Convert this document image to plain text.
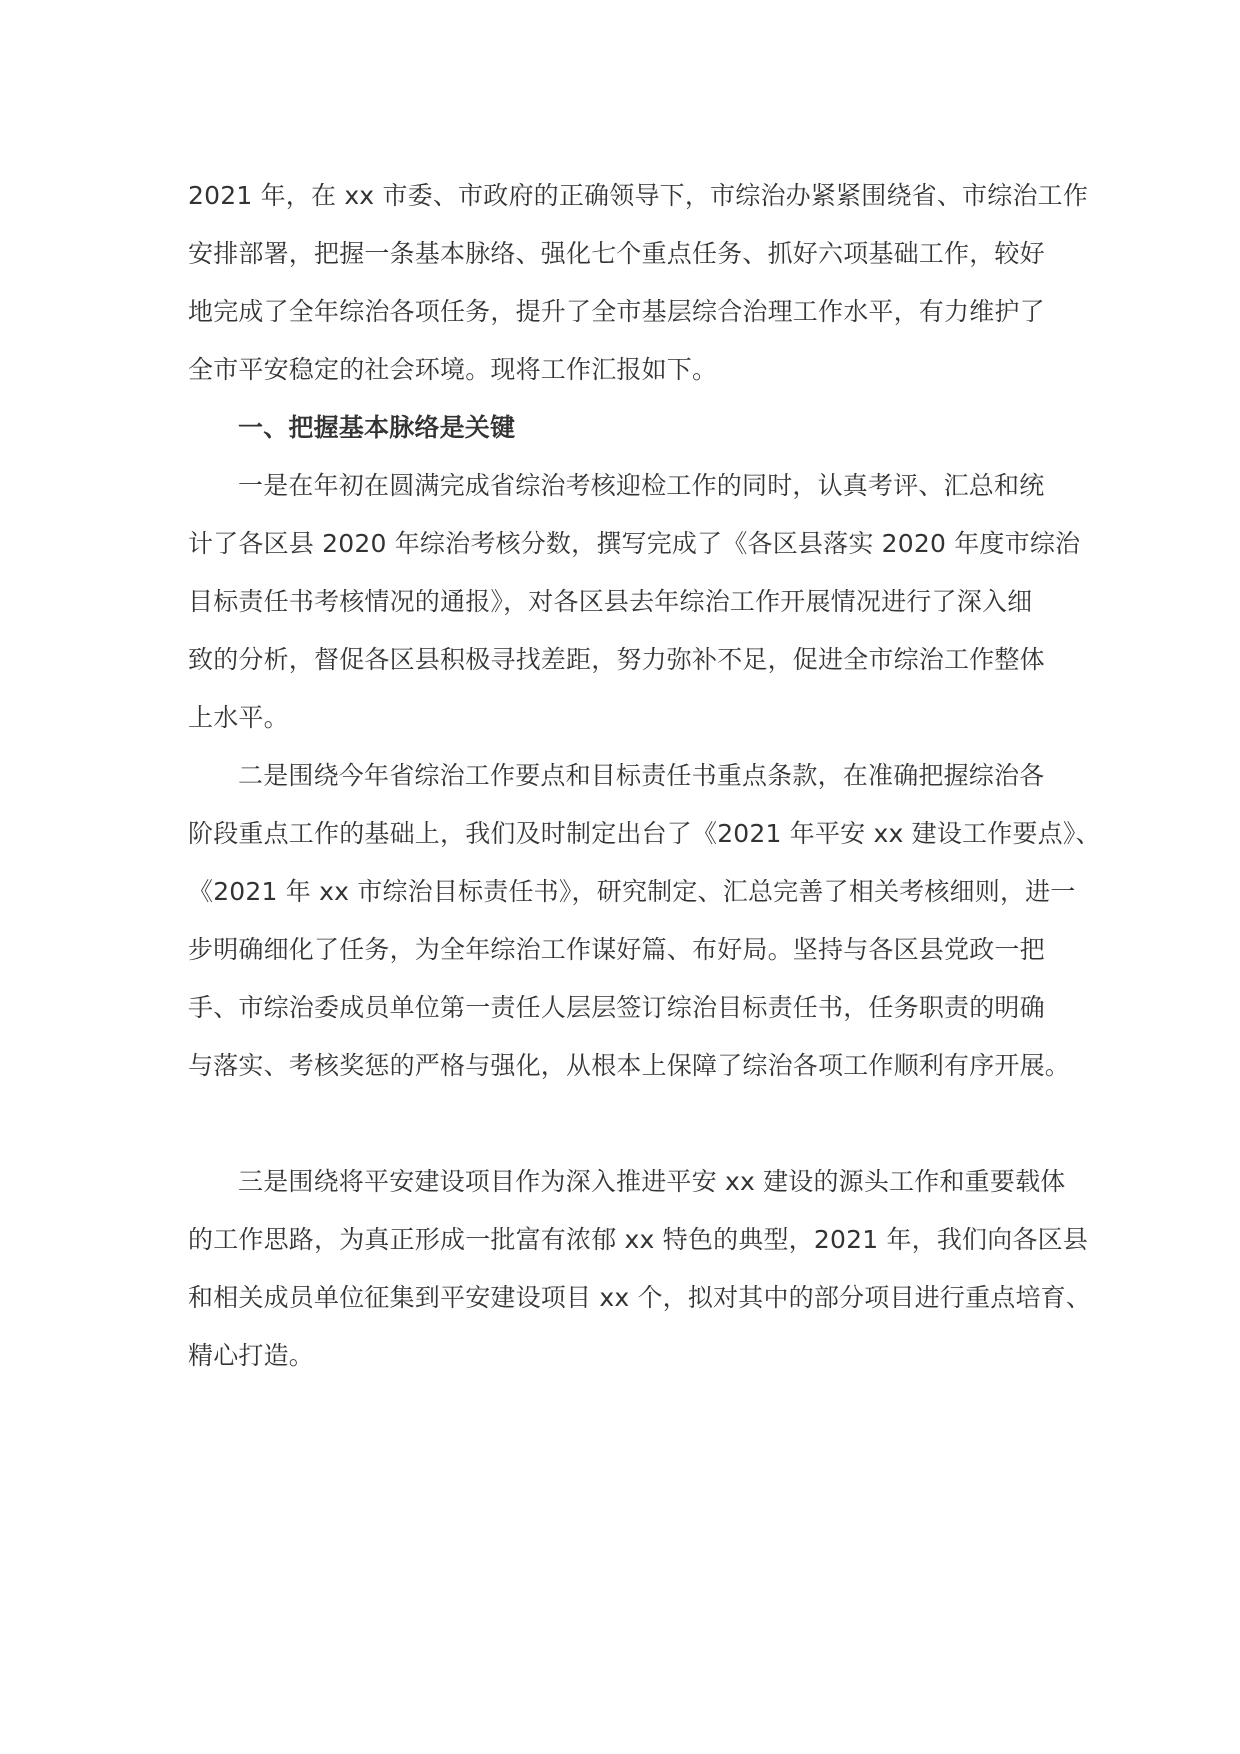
2021 年，在 xx 市委、市政府的正确领导下，市综治办紧紧围绕省、市综治工作
安排部署，把握一条基本脉络、强化七个重点任务、抓好六项基础工作，较好
地完成了全年综治各项任务，提升了全市基层综合治理工作水平，有力维护了
全市平安稳定的社会环境。现将工作汇报如下。
一、把握基本脉络是关键
一是在年初在圆满完成省综治考核迎检工作的同时，认真考评、汇总和统
计了各区县 2020 年综治考核分数，撰写完成了《各区县落实 2020 年度市综治
目标责任书考核情况的通报》，对各区县去年综治工作开展情况进行了深入细
致的分析，督促各区县积极寻找差距，努力弥补不足，促进全市综治工作整体
上水平。
二是围绕今年省综治工作要点和目标责任书重点条款，在准确把握综治各
阶段重点工作的基础上，我们及时制定出台了《2021 年平安 xx 建设工作要点》、
《2021 年 xx 市综治目标责任书》，研究制定、汇总完善了相关考核细则，进一
步明确细化了任务，为全年综治工作谋好篇、布好局。坚持与各区县党政一把
手、市综治委成员单位第一责任人层层签订综治目标责任书，任务职责的明确
与落实、考核奖惩的严格与强化，从根本上保障了综治各项工作顺利有序开展。
三是围绕将平安建设项目作为深入推进平安 xx 建设的源头工作和重要载体
的工作思路，为真正形成一批富有浓郁 xx 特色的典型，2021 年，我们向各区县
和相关成员单位征集到平安建设项目 xx 个，拟对其中的部分项目进行重点培育、
精心打造。
